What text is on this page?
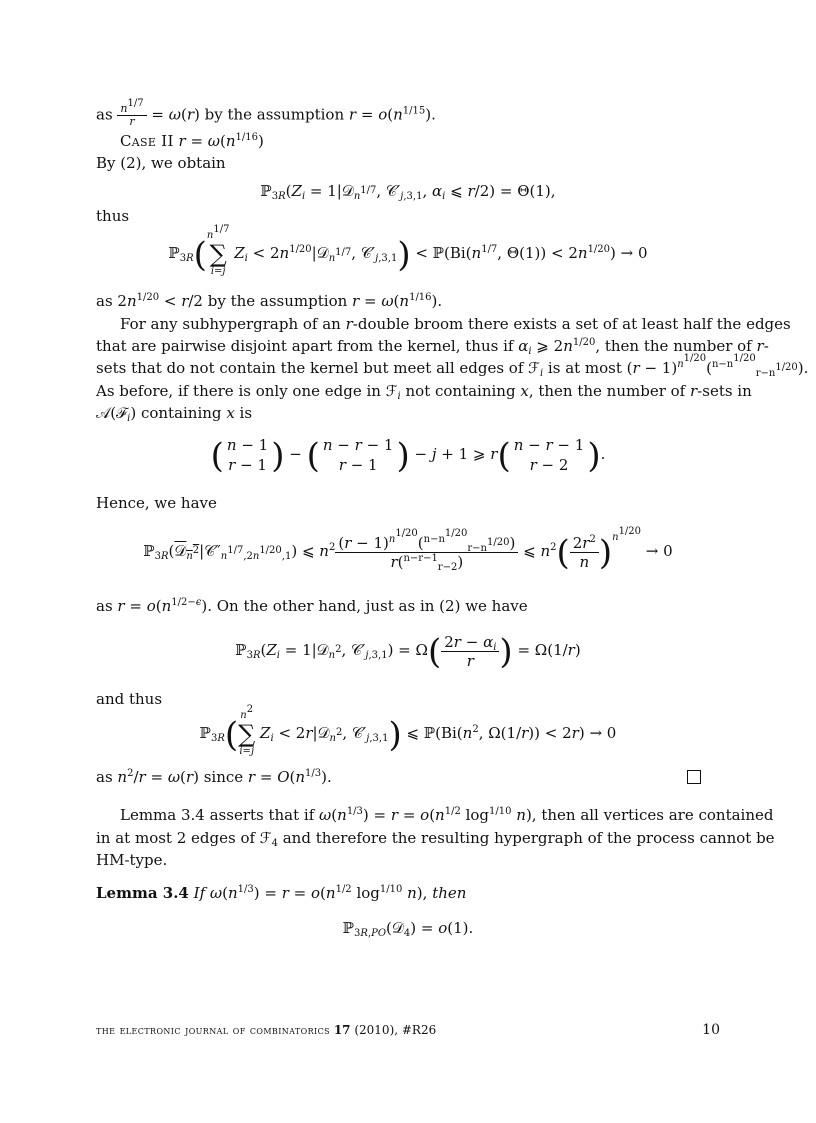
as $\frac{n^{1/7}}{r} = \omega(r)$ by the assumption $r = o(n^{1/15})$.
Case II $r = \omega(n^{1/16})$
By (2), we obtain
$ℙ_{3R}(Z_i$ = 1|𝒟$_{n^{1/7}}$, $𝒞'_{j,3,1}$, $\alpha_i$ ⩽ r/2) = Θ(1),
thus
ℙ$_{3R}$( $n^{1/7}$
∑
i=j
$Z_i$ < $2n^{1/20}|𝒟_{n^{1/7}}$, $𝒞'_{j,3,1}$) < $ℙ(Bi(n^{1/7}$, $\Theta(1)) < 2n^{1/20}) \to 0$
as $2n^{1/20} < r/2$ by the assumption $r = \omega(n^{1/16})$.
For any subhypergraph of an r-double broom there exists a set of at least half the edges
that are pairwise disjoint apart from the kernel, thus if $\alpha_i$ ⩾ $2n^{1/20}$, then the number of r-
sets that do not contain the kernel but meet all edges of ℱ$_i$ is at most $(r - 1)^{n^{1/20}}(^{n-n^{1/20}}_{r-n^{1/20}})$.
As before, if there is only one edge in ℱ$_i$ not containing x, then the number of r-sets in
𝒜(ℱ$_i$) containing x is
( n − 1
r − 1 ) − ( n − r − 1
r − 1 ) − j + 1 ⩾ r( n − r − 1
r − 2 ).
Hence, we have
$ℙ_{3R}(𝒟_{n^2}|𝒞''_{n^{1/7},2n^{1/20},1})$ ⩽ $n^2 \frac{(r - 1)^{n^{1/20}}(^{n-n^{1/20}}_{r-n^{1/20}})}{r(^{n-r-1}_{r-2})}$ ⩽ $n^2( \frac{2r^2}{n} )^{n^{1/20}} \to 0$
as $r = o(n^{1/2-\epsilon})$. On the other hand, just as in (2) we have
$ℙ_{3R}(Z_i$ = 1|𝒟$_{n^2}$, $𝒞'_{j,3,1}) = \Omega( \frac{2r - \alpha_i}{r}$ ) = Ω(1/r)
and thus
ℙ$_{3R}$( $n^2$
∑
i=j
$Z_i$ < 2r|𝒟$_{n^2}$, $𝒞'_{j,3,1}$) ⩽ $ℙ(Bi(n^2$, Ω(1/r)) < 2r) → 0
as $n^2/r = \omega(r)$ since $r = O(n^{1/3})$.
Lemma 3.4 asserts that if $\omega(n^{1/3}) = r = o(n^{1/2}$ $\log^{1/10} n$), then all vertices are contained
in at most 2 edges of ℱ$_4$ and therefore the resulting hypergraph of the process cannot be
HM-type.
Lemma 3.4 If $\omega(n^{1/3}) = r = o(n^{1/2}$ $\log^{1/10} n$), then
ℙ$_{3R,PO}$(𝒟$_4$) = o(1).
the electronic journal of combinatorics 17 (2010), #R26	10
